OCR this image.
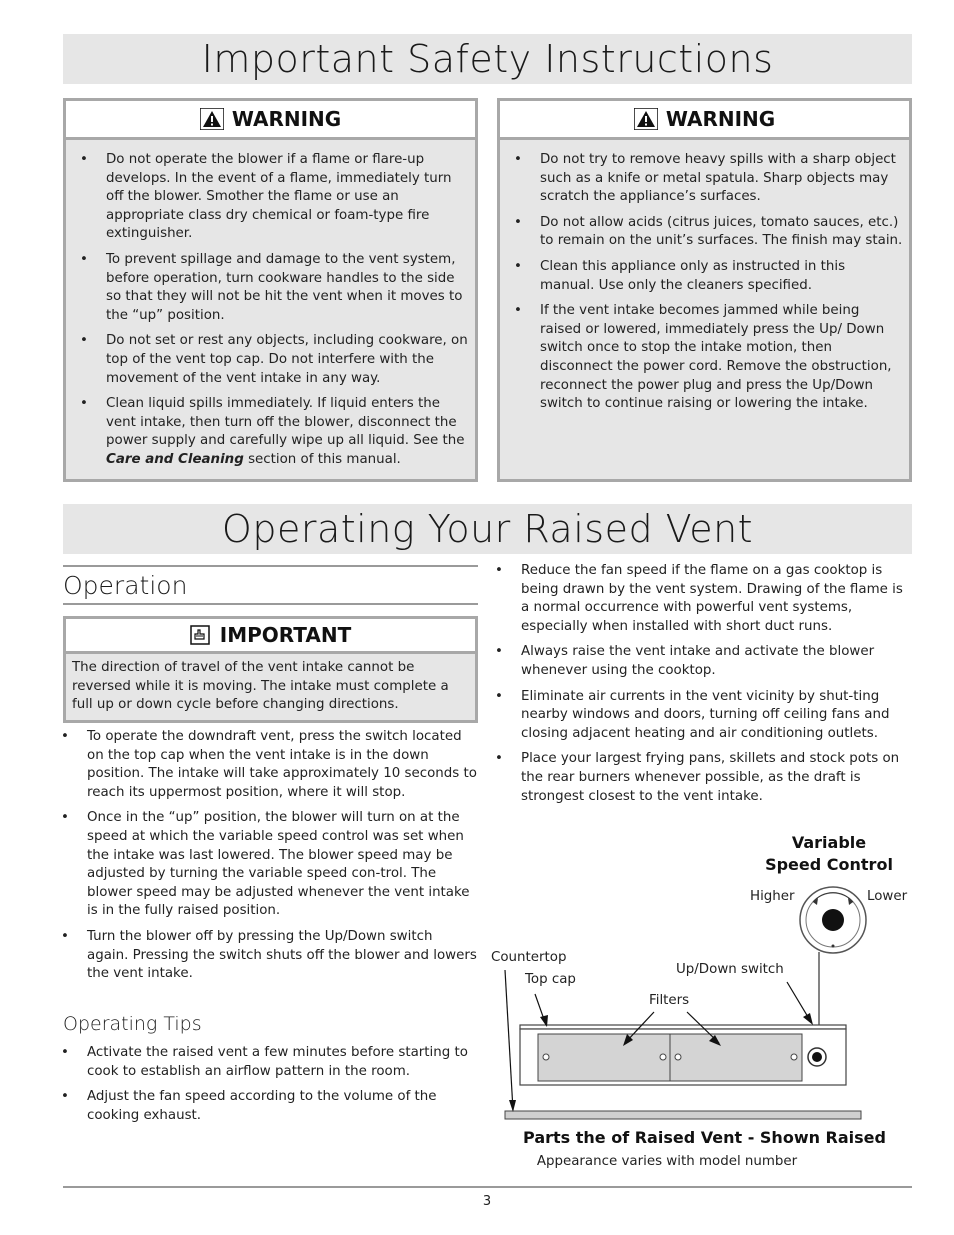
Important Safety Instructions
WARNING
• Do not operate the blower if a flame or flare-up develops. In the event of a flame, immediately turn off the blower. Smother the flame or use an appropriate class dry chemical or foam-type fire extinguisher.
• To prevent spillage and damage to the vent system, before operation, turn cookware handles to the side so that they will not be hit the vent when it moves to the “up” position.
• Do not set or rest any objects, including cookware, on top of the vent top cap. Do not interfere with the movement of the vent intake in any way.
• Clean liquid spills immediately. If liquid enters the vent intake, then turn off the blower, disconnect the power supply and carefully wipe up all liquid. See the Care and Cleaning section of this manual.
WARNING
• Do not try to remove heavy spills with a sharp object such as a knife or metal spatula. Sharp objects may scratch the appliance’s surfaces.
• Do not allow acids (citrus juices, tomato sauces, etc.) to remain on the unit’s surfaces. The finish may stain.
• Clean this appliance only as instructed in this manual. Use only the cleaners specified.
• If the vent intake becomes jammed while being raised or lowered, immediately press the Up/ Down switch once to stop the intake motion, then disconnect the power cord. Remove the obstruction, reconnect the power plug and press the Up/Down switch to continue raising or lowering the intake.
Operating Your Raised Vent
Operation
IMPORTANT
The direction of travel of the vent intake cannot be reversed while it is moving. The intake must complete a full up or down cycle before changing directions.
• To operate the downdraft vent, press the switch located on the top cap when the vent intake is in the down position. The intake will take approximately 10 seconds to reach its uppermost position, where it will stop.
• Once in the “up” position, the blower will turn on at the speed at which the variable speed control was set when the intake was last lowered. The blower speed may be adjusted by turning the variable speed con-trol. The blower speed may be adjusted whenever the vent intake is in the fully raised position.
• Turn the blower off by pressing the Up/Down switch again. Pressing the switch shuts off the blower and lowers the vent intake.
Operating Tips
• Activate the raised vent a few minutes before starting to cook to establish an airflow pattern in the room.
• Adjust the fan speed according to the volume of the cooking exhaust.
• Reduce the fan speed if the flame on a gas cooktop is being drawn by the vent system. Drawing of the flame is a normal occurrence with powerful vent systems, especially when installed with short duct runs.
• Always raise the vent intake and activate the blower whenever using the cooktop.
• Eliminate air currents in the vent vicinity by shut-ting nearby windows and doors, turning off ceiling fans and closing adjacent heating and air conditioning outlets.
• Place your largest frying pans, skillets and stock pots on the rear burners whenever possible, as the draft is strongest closest to the vent intake.
Variable
Speed Control
Higher	Lower
Countertop
Top cap
Up/Down switch
Filters
Parts the of Raised Vent - Shown Raised
Appearance varies with model number
3
